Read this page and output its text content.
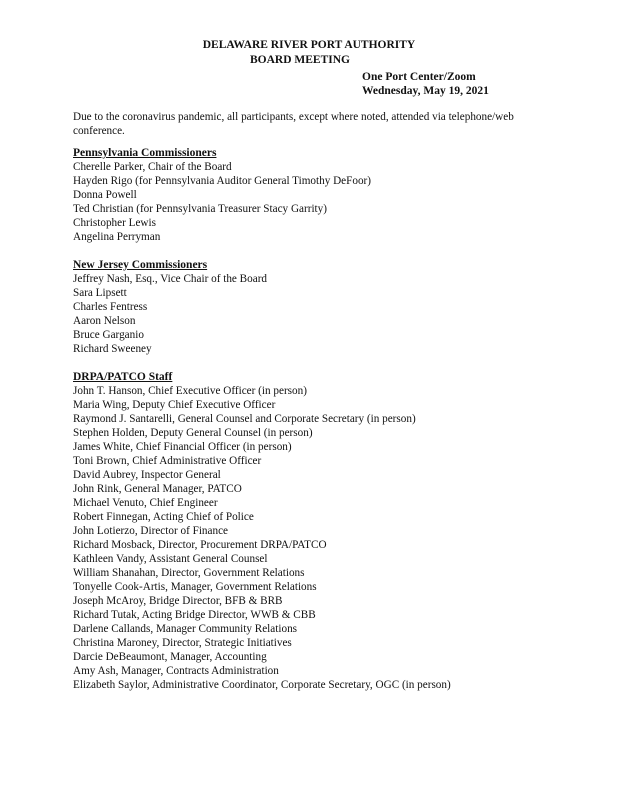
DELAWARE RIVER PORT AUTHORITY
BOARD MEETING
One Port Center/Zoom
Wednesday, May 19, 2021
Due to the coronavirus pandemic, all participants, except where noted, attended via telephone/web conference.
Pennsylvania Commissioners
Cherelle Parker, Chair of the Board
Hayden Rigo (for Pennsylvania Auditor General Timothy DeFoor)
Donna Powell
Ted Christian (for Pennsylvania Treasurer Stacy Garrity)
Christopher Lewis
Angelina Perryman
New Jersey Commissioners
Jeffrey Nash, Esq., Vice Chair of the Board
Sara Lipsett
Charles Fentress
Aaron Nelson
Bruce Garganio
Richard Sweeney
DRPA/PATCO Staff
John T. Hanson, Chief Executive Officer (in person)
Maria Wing, Deputy Chief Executive Officer
Raymond J. Santarelli, General Counsel and Corporate Secretary (in person)
Stephen Holden, Deputy General Counsel (in person)
James White, Chief Financial Officer (in person)
Toni Brown, Chief Administrative Officer
David Aubrey, Inspector General
John Rink, General Manager, PATCO
Michael Venuto, Chief Engineer
Robert Finnegan, Acting Chief of Police
John Lotierzo, Director of Finance
Richard Mosback, Director, Procurement DRPA/PATCO
Kathleen Vandy, Assistant General Counsel
William Shanahan, Director, Government Relations
Tonyelle Cook-Artis, Manager, Government Relations
Joseph McAroy, Bridge Director, BFB & BRB
Richard Tutak, Acting Bridge Director, WWB & CBB
Darlene Callands, Manager Community Relations
Christina Maroney, Director, Strategic Initiatives
Darcie DeBeaumont, Manager, Accounting
Amy Ash, Manager, Contracts Administration
Elizabeth Saylor, Administrative Coordinator, Corporate Secretary, OGC (in person)
